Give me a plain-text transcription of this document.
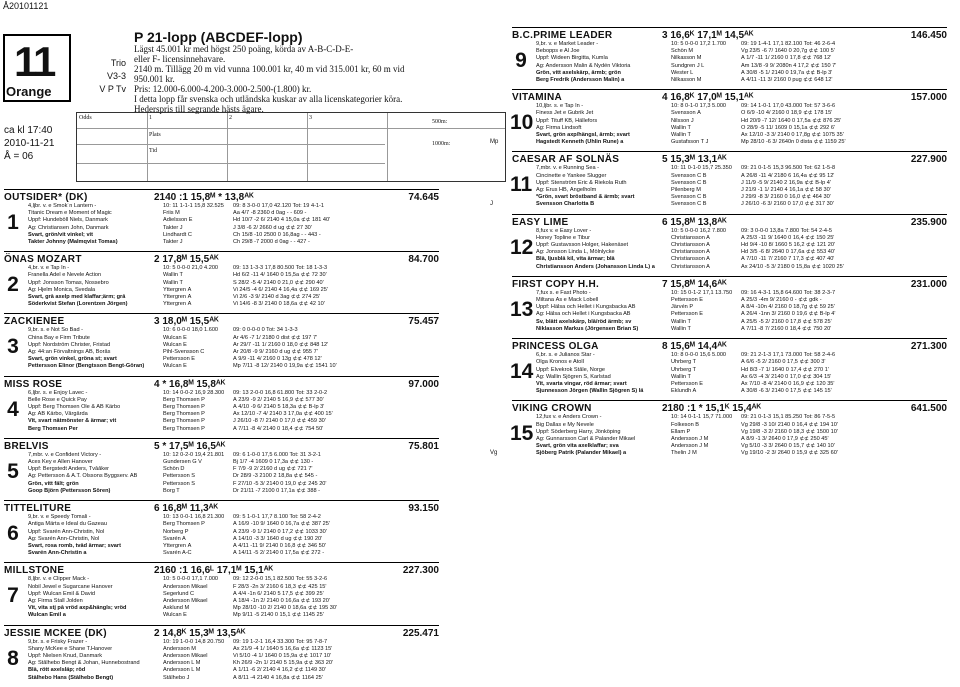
Å20101121
11
Orange
Trio
V3-3
V P Tv
ca kl 17:40
2010-11-21
Å = 06
P 21-lopp (ABCDEF-lopp)
Lägst 45.001 kr med högst 250 poäng, körda av A-B-C-D-E-
eller F- licensinnehavare.
2140 m. Tillägg 20 m vid vunna 100.001 kr, 40 m vid 315.001 kr, 60 m vid
950.001 kr.
Pris: 12.000-6.000-4.200-3.000-2.500-(1.800) kr.
I detta lopp får svenska och utländska kuskar av alla licenskategorier köra.
Hederspris till segrande hästs ägare.
Odds
Plats
Tid
1	2	3
500m:
1000m:
OUTSIDER* (DK)	2140 :1 15,8ᴹ * 13,8ᴬᴷ	74.645
1
4,ljbr. v. e Smok´n Lantern -	10: 11 1-1-1 15,8 32.525	09: 8 3-0-0 17,0 42.120 Tot: 19 4-1-1
Titanic Dream e Moment of Magic	Friis M	Aa 4/7 -8 2360 d 0ag - - 609 -
Uppf: Hundeböll Niels, Danmark	Adielsson E	Hd 10/7 -2 6/ 2140 4 15,0a ⊄⊄ 181 40'
Äg: Christiansen John, Danmark	Takter J	J 3/8 -6 2/ 2660 d ug ⊄⊄ 27 30'
Svart, grön/vit vinkel; vit	Lindhardt C	Ch 15/8 -10 2500 0 16,8ag - - 443 -
Takter Johnny (Malmqvist Tomas)	Takter J	Ch 29/8 -7 2000 d 0ag - - 427 -
ÖNAS MOZART	2 17,8ᴹ 15,5ᴬᴷ	84.700
2
4,br. v. e Tap In -	10: 5 0-0-0 21,0 4.200	09: 13 1-3-3 17,8 80.500 Tot: 18 1-3-3
Franella Adel e Nevele Action	Wallin T	Hd 6/2 -11 4/ 1640 0 15,5a ⊄⊄ 72 30'
Uppf: Jonsson Tomas, Nossebro	Wallin T	S 28/2 -5 4/ 2140 0 21,0 ⊄⊄ 290 40'
Äg: Hjelm Monica, Svedala	Yttergren Å	Vi 24/5 -4 6/ 2140 4 16,4a ⊄⊄ 169 25'
Svart, grå axelp med klaffar;ärm; grå	Yttergren Å	Vi 2/6 -3 9/ 2140 d 3ag ⊄⊄ 274 25'
Söderkvist Stefan (Lorentzen Jörgen)	Yttergren Å	Vi 14/6 -8 3/ 2140 0 18,6a ⊄⊄ 42 10'
ZACKIENEE	3 18,0ᴹ 15,5ᴬᴷ	75.457
3
9,br. s. e Not So Bad -	10: 6 0-0-0 18,0 1.600	09: 0 0-0-0 0 Tot: 34 1-3-3
China Bay e Firm Tribute	Wulcan E	Ar 4/6 -7 1/ 2180 0 dist ⊄⊄ 197 7'
Uppf: Nordström Christer, Fristad	Wulcan E	År 29/7 -11 1/ 2160 0 18,0 ⊄⊄ 848 12'
Äg: 44:an Förvaltnings AB, Borås	Pihl-Svensson C	År 20/8 -9 9/ 2160 d ug ⊄⊄ 955 7'
Svart, grön vinkel, gröna st; svart	Pettersson E	Å 9/9 -11 4/ 2160 0 13g ⊄⊄ 478 12'
Pettersson Elinor (Bengtsson Bengt-Göran)	Wulcan E	Mp 7/11 -8 12/ 2140 0 19,9a ⊄⊄ 1541 10'
MISS ROSE	4 * 16,8ᴹ 15,8ᴬᴷ	97.000
4
6,ljbr. s. e Enjoy Lavec -	10: 14 0-0-2 16,9 28.300	09: 13 2-0-0 16,8 61.800 Tot: 33 2-0-2
Belle Rose e Quick Pay	Berg Thomsen P	Å 23/9 -9 2/ 2140 5 16,9 ⊄⊄ 577 30'
Uppf: Berg Thomsen Ole & AB Kärbo	Berg Thomsen P	Å 4/10 -9 6/ 2140 5 18,3a ⊄⊄ B-lp 3'
Äg: AB Kärbo, Vårgårda	Berg Thomsen P	Ax 12/10 -7 4/ 2140 3 17,0a ⊄⊄ 400 15'
Vit, svart nätmönster & ärmar; vit	Berg Thomsen P	J 26/10 -8 7/ 2140 0 17,0 ⊄⊄ 459 30'
Berg Thomsen Per	Berg Thomsen P	Å 7/11 -8 4/ 2140 0 18,4 ⊄⊄ 754 50'
BRELVIS	5 * 17,5ᴹ 16,5ᴬᴷ	75.801
5
7,mbr. v. e Confident Victory -	10: 12 0-2-0 19,4 21.801	09: 6 1-0-0 17,5 6.000 Tot: 31 3-2-1
Aces Key e Allen Hanover	Gundersen G V	Bj 1/7 -4 1609 0 17,3a ⊄⊄ 130 -
Uppf: Bergstedt Anders, Tvååker	Schön D	F 7/9 -9 2/ 2160 d ug ⊄⊄ 721 7'
Äg: Pettersson & A.T. Olssons Byggserv. AB	Pettersson S	Dr 28/9 -3 2100 2 18,8a ⊄⊄ 545 -
Grön, vitt fält; grön	Pettersson S	F 27/10 -5 3/ 2140 0 19,0 ⊄⊄ 245 20'
Goop Björn (Pettersson Sören)	Borg T	Dr 21/11 -7 2100 0 17,1a ⊄⊄ 388 -
TITTELITURE	6 16,8ᴹ 11,3ᴬᴷ	93.150
6
9,br. v. e Speedy Tomali -	10: 13 0-0-1 16,8 21.300	09: 5 1-0-1 17,7 8.100 Tot: 58 2-4-2
Antiga Märta e Ideal du Gazeau	Berg Thomsen P	Å 16/9 -10 9/ 1640 0 16,7a ⊄⊄ 387 25'
Uppf: Svarén Ann-Christin, Nol	Norberg P	Å 23/9 -9 1/ 2140 0 17,2 ⊄⊄ 1033 30'
Äg: Svarén Ann-Christin, Nol	Svarén A	Å 14/10 -3 3/ 1640 d ug ⊄⊄ 190 20'
Svart, rosa romb, tvåd ärmar; svart	Yttergren Å	Å 4/11 -11 9/ 2140 0 16,8 ⊄⊄ 346 50'
Svarén Ann-Christin a	Svarén A-C	Å 14/11 -5 2/ 2140 0 17,5a ⊄⊄ 272 -
MILLSTONE	2160 :1 16,6ᴸ 17,1ᴹ 15,1ᴬᴷ	227.300
7
8,ljbr. v. e Clipper Mack -	10: 5 0-0-0 17,1 7.000	09: 12 2-0-0 15,1 82.500 Tot: 55 3-2-6
Nobil Jewel e Sugarcane Hanover	Andersson Mikael	F 28/3 -2n 3/ 2160 6 18,3 ⊄⊄ 425 15'
Uppf: Wulcan Emil & David	Segerlund C	Å 4/4 -1n 6/ 2140 5 17,5 ⊄⊄ 399 25'
Äg: Firma Stall Jolden	Andersson Mikael	Å 18/4 -1n 2/ 2140 0 16,6a ⊄⊄ 193 20'
Vit, vita stj på vröd axp&hängls; vröd	Asklund M	Mp 28/10 -10 2/ 2140 0 18,6a ⊄⊄ 195 30'
Wulcan Emil a	Wulcan E	Mp 9/11 -5 2140 0 15,1 ⊄⊄ 1145 25'
JESSIE MCKEE (DK)	2 14,8ᴷ 15,3ᴹ 13,5ᴬᴷ	225.471
8
9,br. s. e Frisky Frazer -	10: 19 1-0-0 14,8 20.750	09: 19 1-2-1 16,4 33.300 Tot: 95 7-8-7
Shany McKee e Shane T.Hanover	Andersson M	Ax 21/9 -4 1/ 1640 5 16,6a ⊄⊄ 1123 15'
Uppf: Nielsen Knud, Danmark	Andersson Mikael	Vi 5/10 -4 1/ 1640 0 15,9a ⊄⊄ 1017 10'
Äg: Stålhebo Bengt & Johan, Hunnebostrand	Andersson L M	Kh 26/9 -2n 1/ 2140 5 15,9a ⊄⊄ 363 20'
Blå, rött axelsläp; röd	Andersson L M	Å 1/11 -6 2/ 2140 4 16,2 ⊄⊄ 1149 30'
Stålhebo Hans (Stålhebo Bengt)	Stålhebo J	Å 8/11 -4 2140 4 16,8a ⊄⊄ 1164 25'
B.C.PRIME LEADER	3 16,6ᴷ 17,1ᴹ 14,5ᴬᴷ	146.450
9
9,br. v. e Market Leader -	10: 5 0-0-0 17,2 1.700	09: 19 1-4-1 17,1 82.100 Tot: 46 2-6-4
Bebopps e Al Joe	Schön M	Vg 23/5 -6 7/ 1640 0 20,7g ⊄⊄ 100 5'
Uppf: Wideen Birgitta, Kumla	Nilkasson M	Å 1/7 -11 1/ 2160 0 17,8 ⊄⊄ 768 12'
Äg: Andersson Malin & Nydén Viktoria	Sundgren J L	Åm 13/8 -9 9/ 2080n 4 17,2 ⊄⊄ 150 7'
Grön, vitt axelskärp, ärmb; grön	Wester L	Å 30/8 -5 1/ 2140 0 19,7a ⊄⊄ B-lp 3'
Berg Fredrik (Andersson Malin) a	Nilkasson M	Å 4/11 -11 3/ 2160 0 pug ⊄⊄ 648 12'
VITAMINA	4 16,8ᴷ 17,0ᴹ 15,1ᴬᴷ	157.000
10
10,ljbr. s. e Tap In -	10: 8 0-1-0 17,3 5.000	09: 14 1-0-1 17,0 43.000 Tot: 57 3-6-6
Finess Jet e Gubrik Jet	Svensson Å	Ö 6/9 -10 4/ 2160 0 18,9 ⊄⊄ 178 15'
Uppf: Tituff KB, Hällefors	Nilsson J	Hd 20/9 -7 12/ 1640 0 17,5a ⊄⊄ 876 25'
Äg: Firma Lindsoft	Wallin T	Ö 28/9 -5 11/ 1609 0 15,1a ⊄⊄ 292 6'
Svart, grön axp/hängsl, ärmb; svart	Wallin T	Ax 12/10 -3 3/ 2140 0 17,8g ⊄⊄ 1075 35'
Hagstedt Kenneth (Uhlin Rune) a	Gustafsson T J	Mp 28/10 -6 3/ 2640n 0 dista ⊄⊄ 1159 25'
Mp
CAESAR AF SOLNÄS	5 15,3ᴹ 13,1ᴬᴷ	227.900
11
7,mbr. v. e Running Sea -	10: 11 0-1-0 15,7 25.350	09: 21 0-1-5 15,3 96.500 Tot: 62 1-5-8
Cincinette e Yankee Slugger	Svensson C B	Å 26/8 -11 4/ 2180 6 16,4a ⊄⊄ 95 12'
Uppf: Stenström Eric & Riekola Ruth	Svensson C B	J 11/9 -5 9/ 2140 2 16,9a ⊄⊄ B-lp 4'
Äg: Erus HB, Ängelholm	Pilenberg M	J 21/9 -1 1/ 2140 4 16,1a ⊄⊄ 58 30'
*Grön, svart bröstband & ärmb; svart	Svensson C B	J 29/9 -8 3/ 2160 0 16,0 ⊄⊄ 464 30'
Svensson Charlotta B	Svensson C B	J 26/10 -6 3/ 2160 0 17,0 ⊄⊄ 317 30'
J
EASY LIME	6 15,8ᴹ 13,8ᴬᴷ	235.900
12
8,fux v. e Easy Lover -	10: 5 0-0-0 16,2 7.800	09: 3 0-0-0 13,8a 7.800 Tot: 54 2-4-5
Honey Topline e Tibur	Christiansson A	Å 25/3 -11 9/ 1640 0 16,4 ⊄⊄ 150 25'
Uppf: Gustavsson Holger, Hakenäset	Christiansson A	Hd 9/4 -10 8/ 1660 5 16,2 ⊄⊄ 121 20'
Äg: Jonsson Linda L, Mölnlycke	Christiansson A	Hd 3/5 -6 8/ 2640 0 17,6a ⊄⊄ 553 40'
Blå, ljusblå kil, vita ärmar; blå	Christiansson A	Å 7/10 -11 7/ 2160 7 17,3 ⊄⊄ 407 40'
Christiansson Anders (Johansson Linda L) a	Christiansson A	Ax 24/10 -5 3/ 2180 0 15,8a ⊄⊄ 1020 25'
FIRST COPY H.H.	7 15,8ᴹ 14,6ᴬᴷ	231.000
13
7,fux s. e Fast Photo -	10: 15 0-1-2 17,1 13.750	09: 16 4-3-1 15,8 64.600 Tot: 38 2-3-7
Miltana Äs e Mack Lobell	Pettersson E	Å 25/3 -4m 9/ 2160 0 - ⊄⊄ gdk -
Uppf: Hälsa och Hellet i Kungsbacka AB	Järvén P	Å 8/4 -10n 4/ 2160 0 18,7g ⊄⊄ 59 25'
Äg: Hälsa och Hellet i Kungsbacka AB	Pettersson E	Å 26/4 -1nn 3/ 2160 0 19,6 ⊄⊄ B-lp 4'
Sv, blått axelskärp, blå/röd ärmb; sv	Wallin T	Å 25/5 -5 2/ 2160 0 17,8 ⊄⊄ 578 25'
Niklasson Markus (Jörgensen Brian S)	Wallin T	Å 7/11 -8 7/ 2160 0 18,4 ⊄⊄ 750 20'
PRINCESS OLGA	8 15,6ᴹ 14,4ᴬᴷ	271.300
14
6,br. s. e Julianos Star -	10: 8 0-0-0 15,6 5.000	09: 21 2-1-3 17,1 73.000 Tot: 58 2-4-6
Olga Kronos e Atoll	Uhrberg T	Å 6/6 -5 2/ 2160 0 17,5 ⊄⊄ 300 3'
Uppf: Elvekrok Ståle, Norge	Uhrberg T	Hd 8/3 -7 1/ 1640 0 17,4 ⊄⊄ 270 1'
Äg: Wallin Sjögren S, Karlstad	Wallin T	Ax 6/3 -4 3/ 2140 0 17,0 ⊄⊄ 304 15'
Vit, svarta vingar, röd ärmar; svart	Pettersson E	Ax 7/10 -8 4/ 2140 0 16,9 ⊄⊄ 120 35'
Sjunnesson Jörgen (Wallin Sjögren S) lä	Eklundh A	Å 30/8 -6 3/ 2140 0 17,5 ⊄⊄ 145 15'
VIKING CROWN	2180 :1 * 15,1ᴷ 15,4ᴬᴷ	641.500
15
12,fux v. e Anders Crown -	10: 14 0-1-1 15,7 71.000	09: 21 0-1-3 15,1 85.250 Tot: 86 7-5-5
Big Dallas e My Nevele	Folkeson B	Vg 29/8 -3 10/ 2140 0 16,4 ⊄⊄ 194 10'
Uppf: Söderberg Harry, Jönköping	Ellam P	Vg 19/8 -3 2/ 2160 0 18,3 ⊄⊄ 1500 10'
Äg: Gunnarsson Carl & Palander Mikael	Andersson J M	Å 8/9 -1 3/ 2640 0 17,9 ⊄⊄ 250 45'
Svart, grön vita axelklaffar; sva	Andersson J M	Vg 5/10 -3 3/ 2640 0 15,7 ⊄⊄ 140 10'
Sjöberg Patrik (Palander Mikael) a	Thelin J M	Vg 19/10 -2 3/ 2640 0 15,9 ⊄⊄ 325 60'
Vg
